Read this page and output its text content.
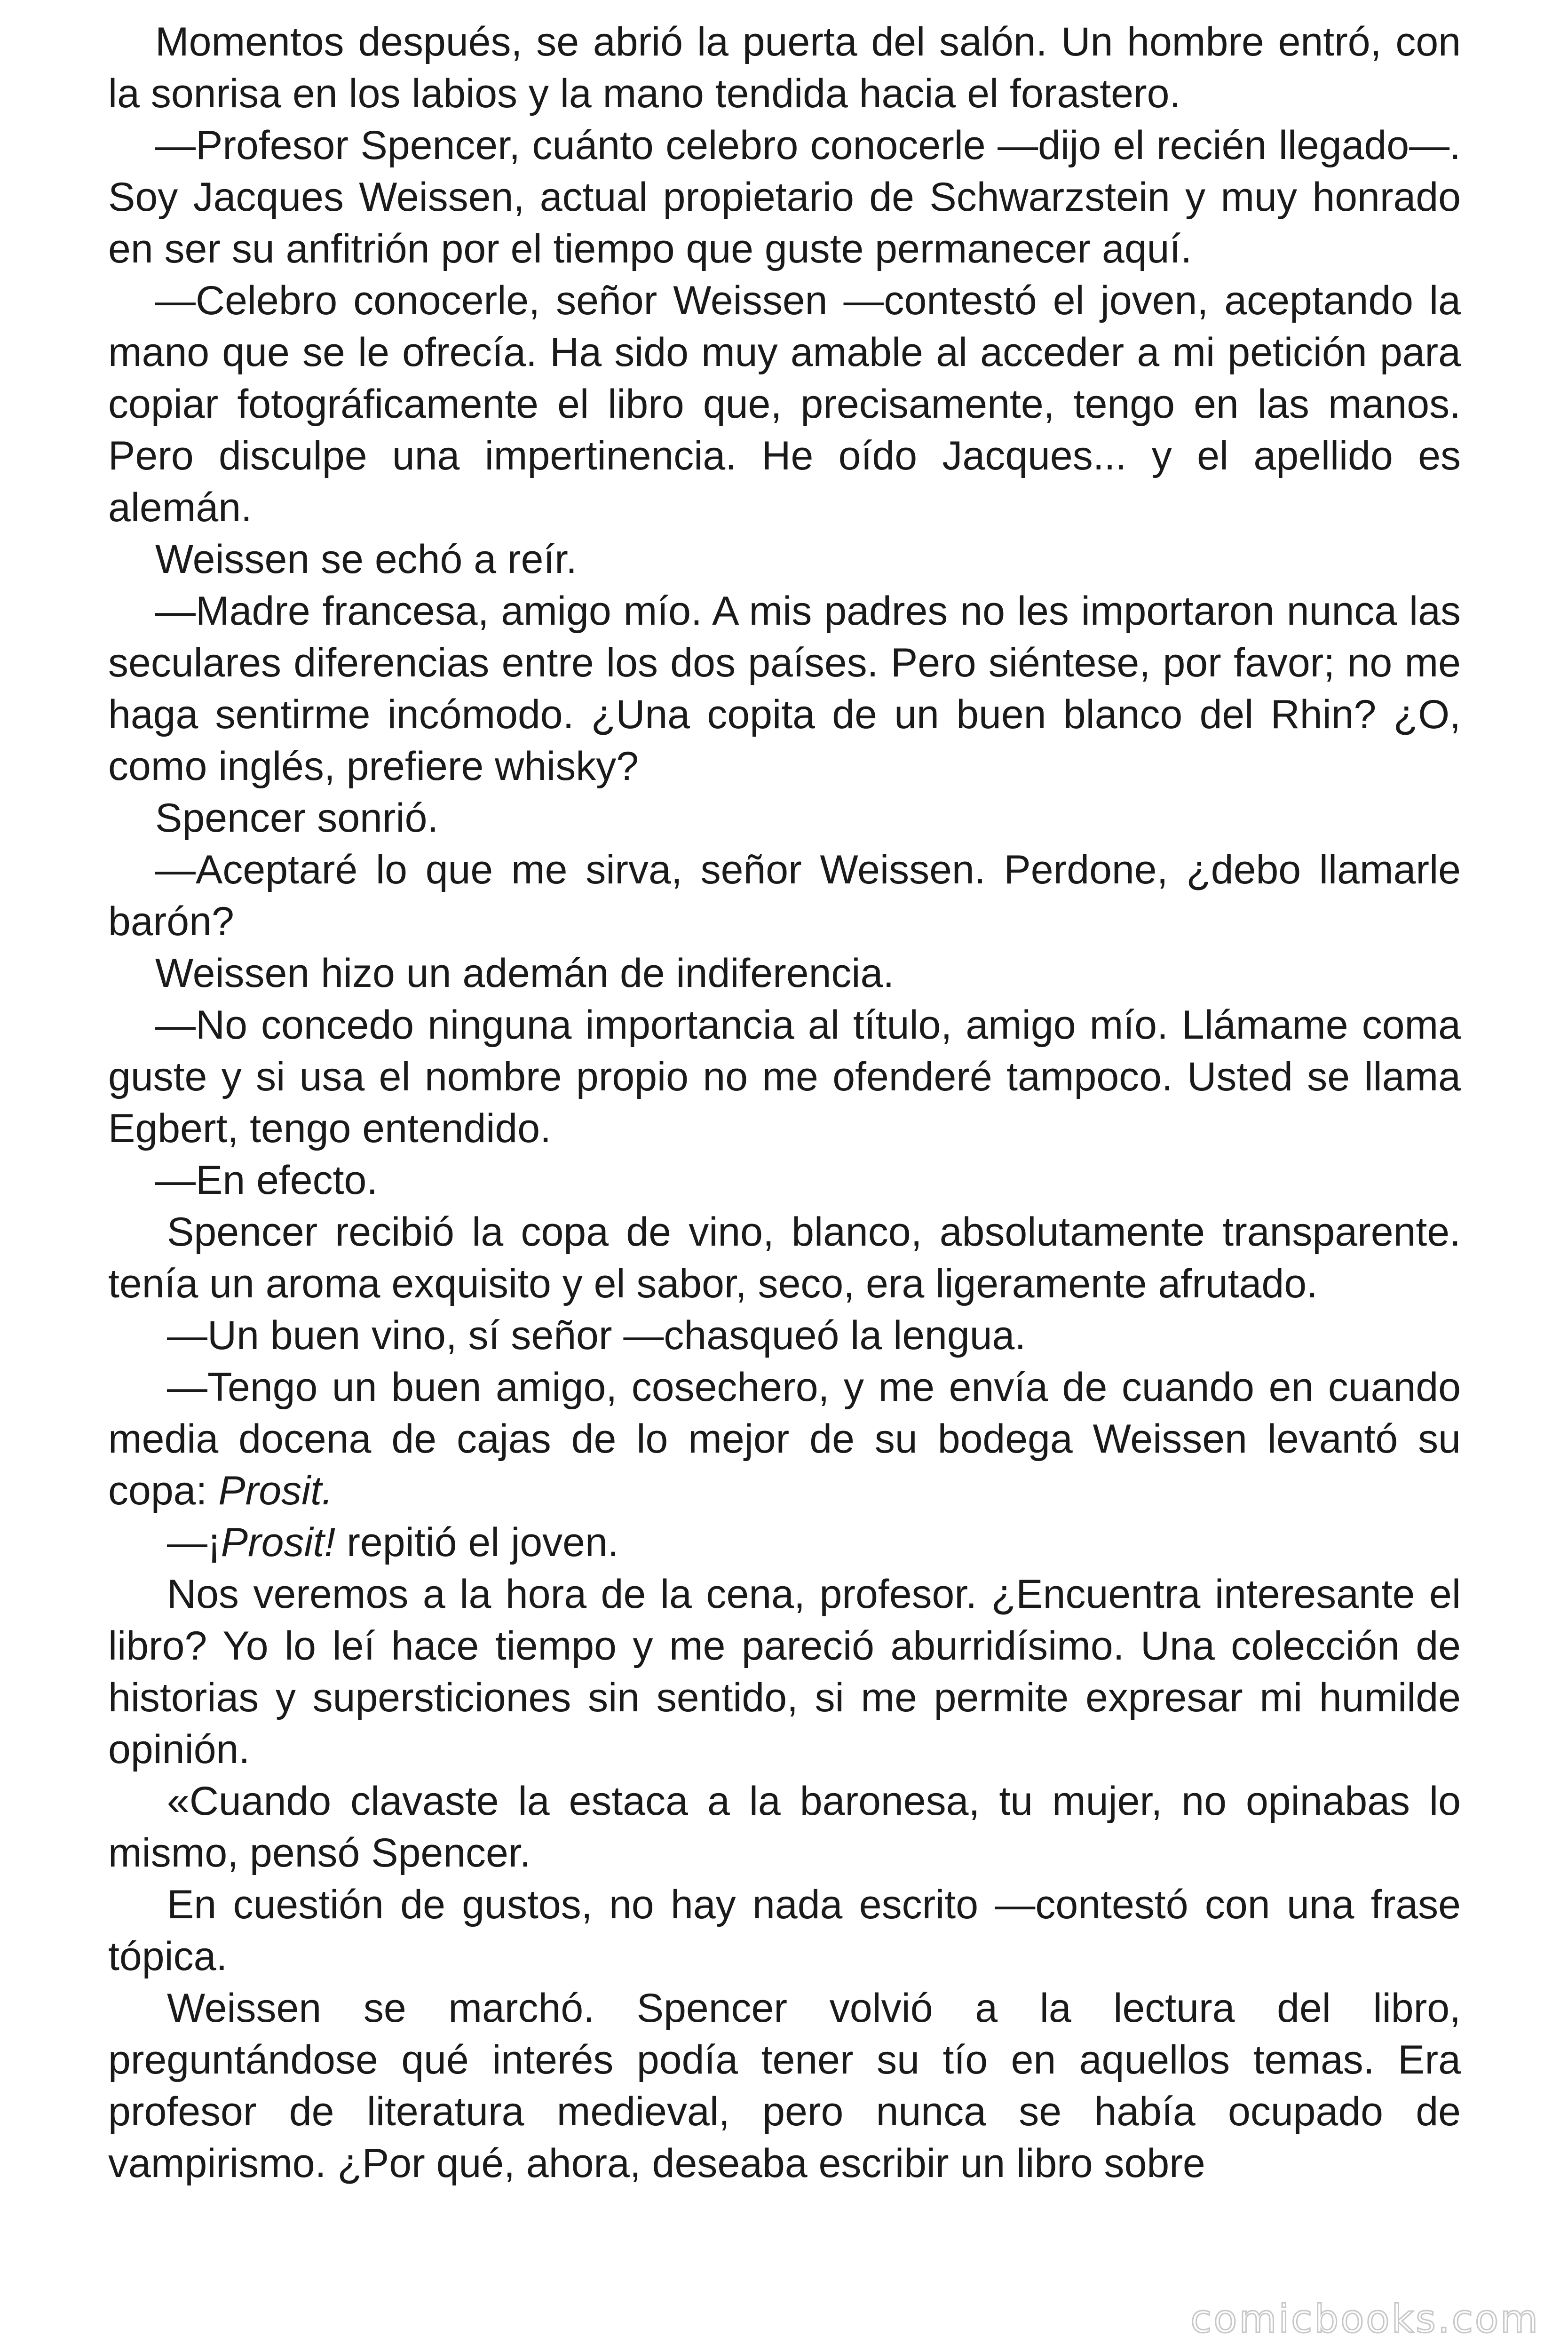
Momentos después, se abrió la puerta del salón. Un hombre entró, con la sonrisa en los labios y la mano tendida hacia el forastero.

—Profesor Spencer, cuánto celebro conocerle —dijo el recién llegado—. Soy Jacques Weissen, actual propietario de Schwarzstein y muy honrado en ser su anfitrión por el tiempo que guste permanecer aquí.

—Celebro conocerle, señor Weissen —contestó el joven, aceptando la mano que se le ofrecía. Ha sido muy amable al acceder a mi petición para copiar fotográficamente el libro que, precisamente, tengo en las manos. Pero disculpe una impertinencia. He oído Jacques... y el apellido es alemán.

Weissen se echó a reír.

—Madre francesa, amigo mío. A mis padres no les importaron nunca las seculares diferencias entre los dos países. Pero siéntese, por favor; no me haga sentirme incómodo. ¿Una copita de un buen blanco del Rhin? ¿O, como inglés, prefiere whisky?

Spencer sonrió.

—Aceptaré lo que me sirva, señor Weissen. Perdone, ¿debo llamarle barón?

Weissen hizo un ademán de indiferencia.

—No concedo ninguna importancia al título, amigo mío. Llámame coma guste y si usa el nombre propio no me ofenderé tampoco. Usted se llama Egbert, tengo entendido.

—En efecto.

Spencer recibió la copa de vino, blanco, absolutamente transparente. tenía un aroma exquisito y el sabor, seco, era ligeramente afrutado.

—Un buen vino, sí señor —chasqueó la lengua.

—Tengo un buen amigo, cosechero, y me envía de cuando en cuando media docena de cajas de lo mejor de su bodega Weissen levantó su copa: Prosit.

—¡Prosit! repitió el joven.

Nos veremos a la hora de la cena, profesor. ¿Encuentra interesante el libro? Yo lo leí hace tiempo y me pareció aburridísimo. Una colección de historias y supersticiones sin sentido, si me permite expresar mi humilde opinión.

«Cuando clavaste la estaca a la baronesa, tu mujer, no opinabas lo mismo, pensó Spencer.

En cuestión de gustos, no hay nada escrito —contestó con una frase tópica.

Weissen se marchó. Spencer volvió a la lectura del libro, preguntándose qué interés podía tener su tío en aquellos temas. Era profesor de literatura medieval, pero nunca se había ocupado de vampirismo. ¿Por qué, ahora, deseaba escribir un libro sobre

comicbooks.com
